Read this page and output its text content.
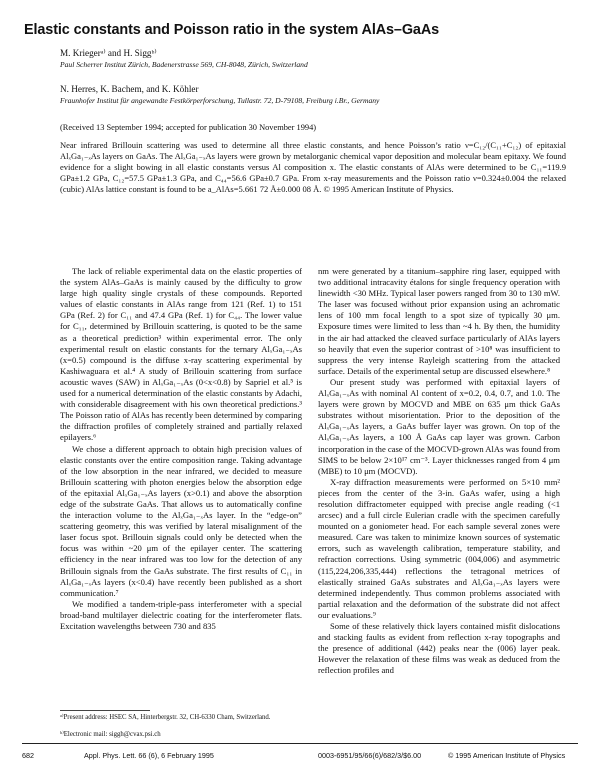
Elastic constants and Poisson ratio in the system AlAs–GaAs
M. Kriegerᵃ⁾ and H. Siggᵇ⁾
Paul Scherrer Institut Zürich, Badenerstrasse 569, CH-8048, Zürich, Switzerland
N. Herres, K. Bachem, and K. Köhler
Fraunhofer Institut für angewandte Festkörperforschung, Tullastr. 72, D-79108, Freiburg i.Br., Germany
(Received 13 September 1994; accepted for publication 30 November 1994)
Near infrared Brillouin scattering was used to determine all three elastic constants, and hence Poisson’s ratio ν=C₁₂/(C₁₁+C₁₂) of epitaxial AlₓGa₁₋ₓAs layers on GaAs. The AlₓGa₁₋ₓAs layers were grown by metalorganic chemical vapor deposition and molecular beam epitaxy. We found evidence for a slight bowing in all elastic constants versus Al composition x. The elastic constants of AlAs were determined to be C₁₁=119.9 GPa±1.2 GPa, C₁₂=57.5 GPa±1.3 GPa, and C₄₄=56.6 GPa±0.7 GPa. From x-ray measurements and the Poisson ratio ν=0.324±0.004 the relaxed (cubic) AlAs lattice constant is found to be a_AlAs=5.661 72 Å±0.000 08 Å. © 1995 American Institute of Physics.

The lack of reliable experimental data on the elastic properties of the system AlAs–GaAs is mainly caused by the difficulty to grow large high quality single crystals of these compounds. Reported values of elastic constants in AlAs range from 121 (Ref. 1) to 151 GPa (Ref. 2) for C₁₁ and 47.4 GPa (Ref. 1) for C₄₄. The lower value for C₁₁, determined by Brillouin scattering, is quoted to be the same as a theoretical prediction³ within experimental error. The only experimental result on elastic constants for the ternary AlₓGa₁₋ₓAs (x=0.5) compound is the diffuse x-ray scattering experimental by Kashiwaguara et al.⁴ A study of Brillouin scattering from surface acoustic waves (SAW) in AlₓGa₁₋ₓAs (0<x<0.8) by Sapriel et al.⁵ is used for a numerical determination of the elastic constants by Adachi, with considerable disagreement with his own theoretical predictions.³ The Poisson ratio of AlAs has recently been determined by comparing the diffraction profiles of completely strained and partially relaxed epilayers.⁶

We chose a different approach to obtain high precision values of elastic constants over the entire composition range. Taking advantage of the low absorption in the near infrared, we decided to measure Brillouin scattering with photon energies below the absorption edge of the epitaxial AlₓGa₁₋ₓAs layers (x>0.1) and above the absorption edge of the substrate GaAs. That allows us to automatically confine the interaction volume to the AlₓGa₁₋ₓAs layer. In the “edge-on” scattering geometry, this was verified by lateral misalignment of the laser focus spot. Brillouin signals could only be detected when the focus was within ~20 μm of the epilayer center. The scattering efficiency in the near infrared was too low for the detection of any Brillouin signals from the GaAs substrate. The first results of C₁₁ in AlₓGa₁₋ₓAs layers (x<0.4) have recently been published as a short communication.⁷

We modified a tandem-triple-pass interferometer with a special broad-band multilayer dielectric coating for the interferometer flats. Excitation wavelengths between 730 and 835

nm were generated by a titanium–sapphire ring laser, equipped with two additional intracavity étalons for single frequency operation with linewidth <30 MHz. Typical laser powers ranged from 30 to 130 mW. The laser was focused without prior expansion using an achromatic lens of 100 mm focal length to a spot size of typically 30 μm. Exposure times were limited to less than ~4 h. By then, the humidity in the air had attacked the cleaved surface particularly of AlAs layers so heavily that even the superior contrast of >10⁸ was insufficient to suppress the very intense Rayleigh scattering from the attacked surface. Details of the experimental setup are discussed elsewhere.⁸

Our present study was performed with epitaxial layers of AlₓGa₁₋ₓAs with nominal Al content of x=0.2, 0.4, 0.7, and 1.0. The layers were grown by MOCVD and MBE on 635 μm thick GaAs substrates without misorientation. Prior to the deposition of the AlₓGa₁₋ₓAs layers, a GaAs buffer layer was grown. On top of the AlₓGa₁₋ₓAs layers, a 100 Å GaAs cap layer was grown. Carbon incorporation in the case of the MOCVD-grown AlAs was found from SIMS to be below 2×10¹⁷ cm⁻³. Layer thicknesses ranged from 4 μm (MBE) to 10 μm (MOCVD).

X-ray diffraction measurements were performed on 5×10 mm² pieces from the center of the 3-in. GaAs wafer, using a high resolution diffractometer equipped with precise angle reading (<1 arcsec) and a full circle Eulerian cradle with the specimen carefully mounted on a goniometer head. For each sample several zones were measured. Care was taken to minimize known sources of systematic errors, such as wavelength calibration, temperature stability, and refraction corrections. Using symmetric (004,006) and asymmetric (115,224,206,335,444) reflections the tetragonal metrices of elastically strained GaAs substrates and AlₓGa₁₋ₓAs layers were determined independently. Thus common problems associated with partial relaxation and the deformation of the substrate did not affect our evaluations.⁹

Some of these relatively thick layers contained misfit dislocations and stacking faults as evident from reflection x-ray topographs and the presence of additional (442) peaks near the (006) layer peak. However the relaxation of these films was weak as deduced from the reflection profiles and

ᵃ⁾Present address: HSEC SA, Hinterbergstr. 32, CH-6330 Cham, Switzerland.
ᵇ⁾Electronic mail: siggh@cvax.psi.ch
682	Appl. Phys. Lett. 66 (6), 6 February 1995	0003-6951/95/66(6)/682/3/$6.00	© 1995 American Institute of Physics
